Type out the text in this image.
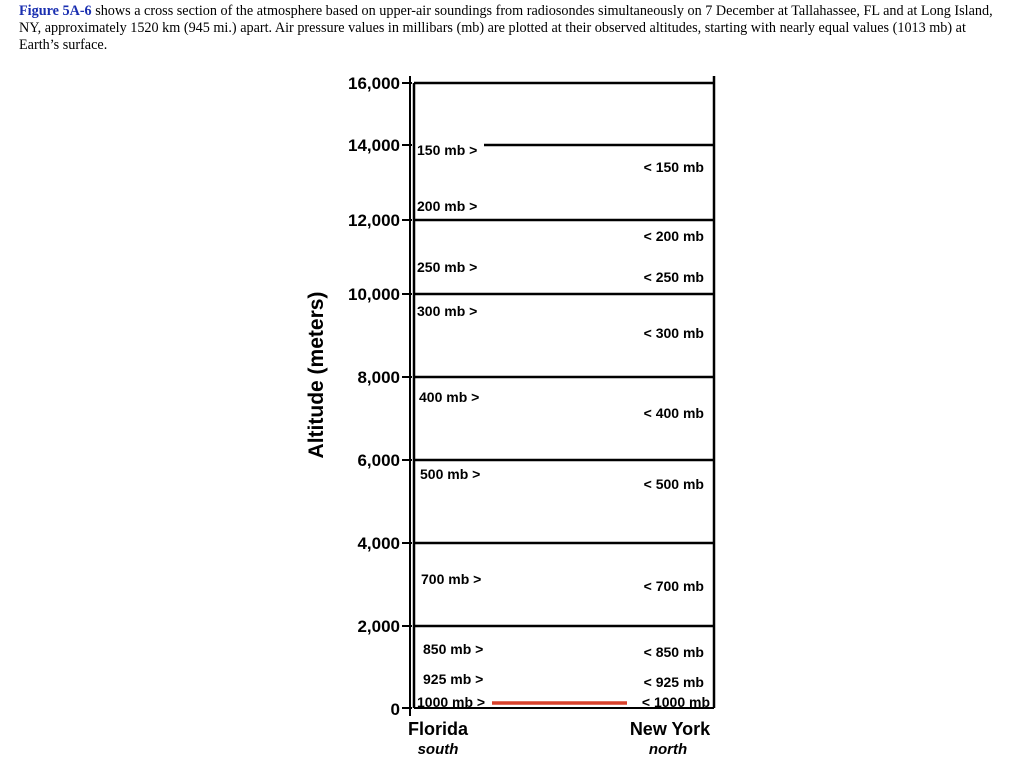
Figure 5A-6 shows a cross section of the atmosphere based on upper-air soundings from radiosondes simultaneously on 7 December at Tallahassee, FL and at Long Island, NY, approximately 1520 km (945 mi.) apart. Air pressure values in millibars (mb) are plotted at their observed altitudes, starting with nearly equal values (1013 mb) at Earth’s surface.
Altitude (meters)
16,000
14,000
12,000
10,000
8,000
6,000
4,000
2,000
0
150 mb >
200 mb >
250 mb >
300 mb >
400 mb >
500 mb >
700 mb >
850 mb >
925 mb >
1000 mb >
< 150 mb
< 200 mb
< 250 mb
< 300 mb
< 400 mb
< 500 mb
< 700 mb
< 850 mb
< 925 mb
< 1000 mb
Florida
south
New York
north
